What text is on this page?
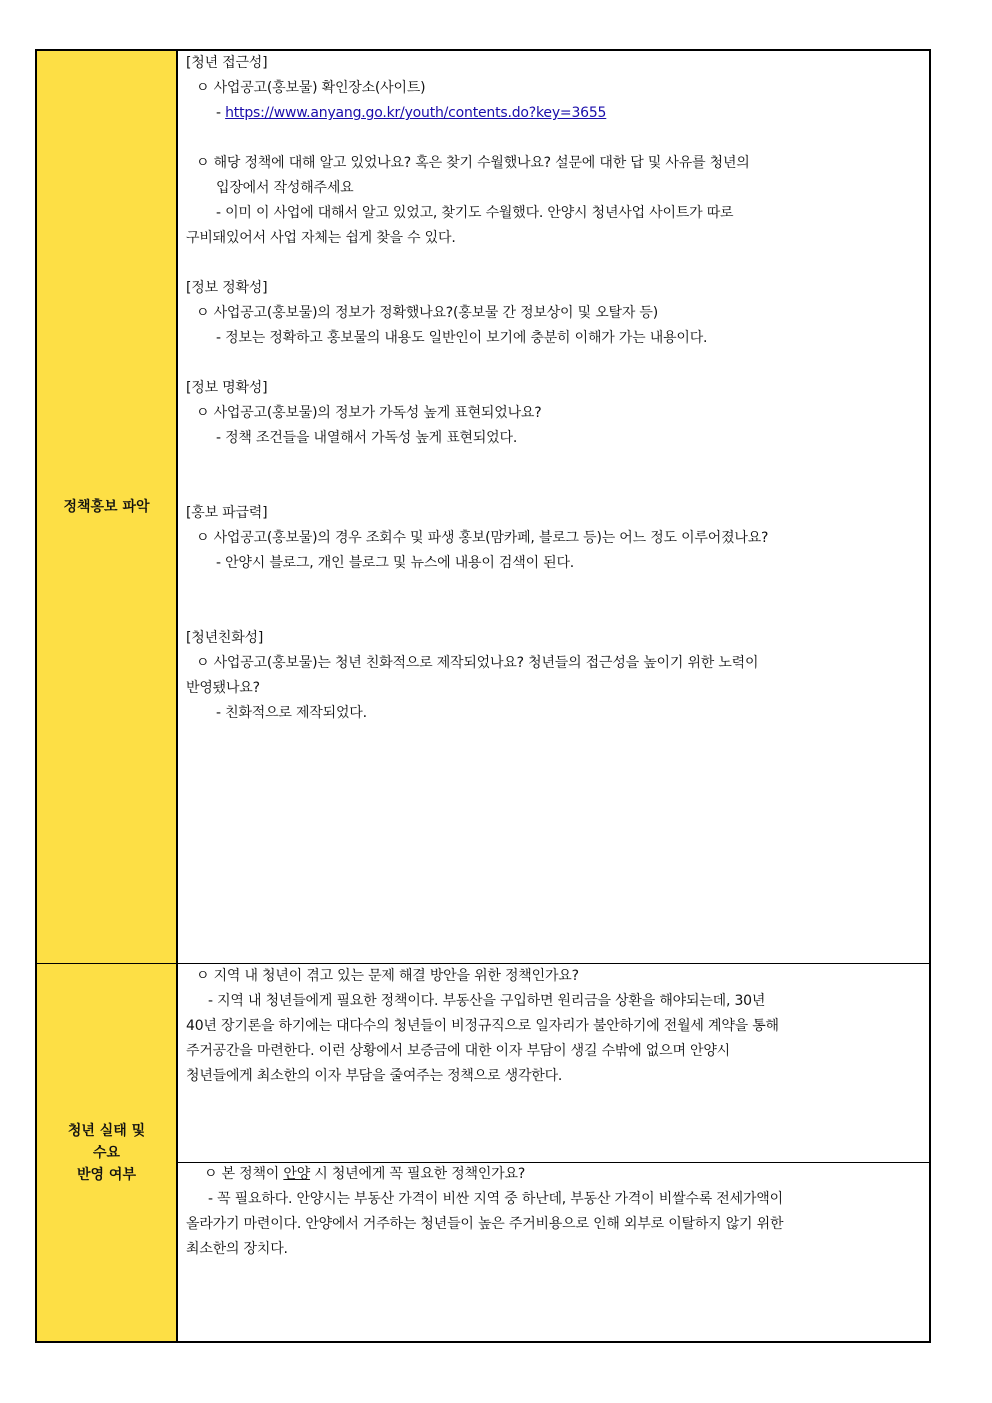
정책홍보 파악
[청년 접근성]
ㅇ 사업공고(홍보물) 확인장소(사이트)
- https://www.anyang.go.kr/youth/contents.do?key=3655
ㅇ 해당 정책에 대해 알고 있었나요? 혹은 찾기 수월했나요? 설문에 대한 답 및 사유를 청년의
입장에서 작성해주세요
- 이미 이 사업에 대해서 알고 있었고, 찾기도 수월했다. 안양시 청년사업 사이트가 따로
구비돼있어서 사업 자체는 쉽게 찾을 수 있다.
[정보 정확성]
ㅇ 사업공고(홍보물)의 정보가 정확했나요?(홍보물 간 정보상이 및 오탈자 등)
- 정보는 정확하고 홍보물의 내용도 일반인이 보기에 충분히 이해가 가는 내용이다.
[정보 명확성]
ㅇ 사업공고(홍보물)의 정보가 가독성 높게 표현되었나요?
- 정책 조건들을 내열해서 가독성 높게 표현되었다.
[홍보 파급력]
ㅇ 사업공고(홍보물)의 경우 조회수 및 파생 홍보(맘카페, 블로그 등)는 어느 정도 이루어졌나요?
- 안양시 블로그, 개인 블로그 및 뉴스에 내용이 검색이 된다.
[청년친화성]
ㅇ 사업공고(홍보물)는 청년 친화적으로 제작되었나요? 청년들의 접근성을 높이기 위한 노력이
반영됐나요?
- 친화적으로 제작되었다.
청년 실태 및
수요
반영 여부
ㅇ 지역 내 청년이 겪고 있는 문제 해결 방안을 위한 정책인가요?
- 지역 내 청년들에게 필요한 정책이다. 부동산을 구입하면 원리금을 상환을 해야되는데, 30년
40년 장기론을 하기에는 대다수의 청년들이 비정규직으로 일자리가 불안하기에 전월세 계약을 통해
주거공간을 마련한다. 이런 상황에서 보증금에 대한 이자 부담이 생길 수밖에 없으며 안양시
청년들에게 최소한의 이자 부담을 줄여주는 정책으로 생각한다.
ㅇ 본 정책이 안양 시 청년에게 꼭 필요한 정책인가요?
- 꼭 필요하다. 안양시는 부동산 가격이 비싼 지역 중 하난데, 부동산 가격이 비쌀수록 전세가액이
올라가기 마련이다. 안양에서 거주하는 청년들이 높은 주거비용으로 인해 외부로 이탈하지 않기 위한
최소한의 장치다.
